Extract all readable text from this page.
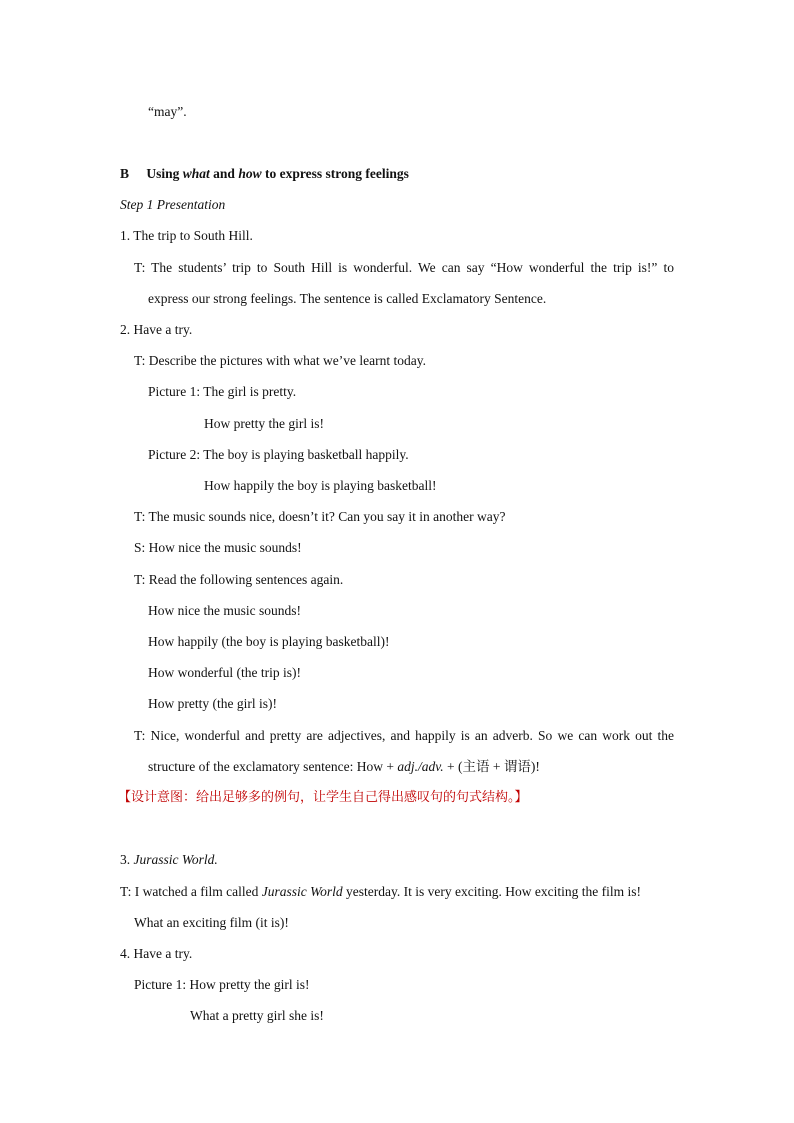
“may”.
B Using what and how to express strong feelings
Step 1 Presentation
1. The trip to South Hill.
T: The students’ trip to South Hill is wonderful. We can say “How wonderful the trip is!” to
express our strong feelings. The sentence is called Exclamatory Sentence.
2. Have a try.
T: Describe the pictures with what we’ve learnt today.
Picture 1: The girl is pretty.
How pretty the girl is!
Picture 2: The boy is playing basketball happily.
How happily the boy is playing basketball!
T: The music sounds nice, doesn’t it? Can you say it in another way?
S: How nice the music sounds!
T: Read the following sentences again.
How nice the music sounds!
How happily (the boy is playing basketball)!
How wonderful (the trip is)!
How pretty (the girl is)!
T: Nice, wonderful and pretty are adjectives, and happily is an adverb. So we can work out the
structure of the exclamatory sentence: How + adj./adv. + (主语 + 谓语)!
【设计意图：给出足够多的例句，让学生自己得出感叹句的句式结构。】
3. Jurassic World.
T: I watched a film called Jurassic World yesterday. It is very exciting. How exciting the film is!
What an exciting film (it is)!
4. Have a try.
Picture 1: How pretty the girl is!
What a pretty girl she is!
